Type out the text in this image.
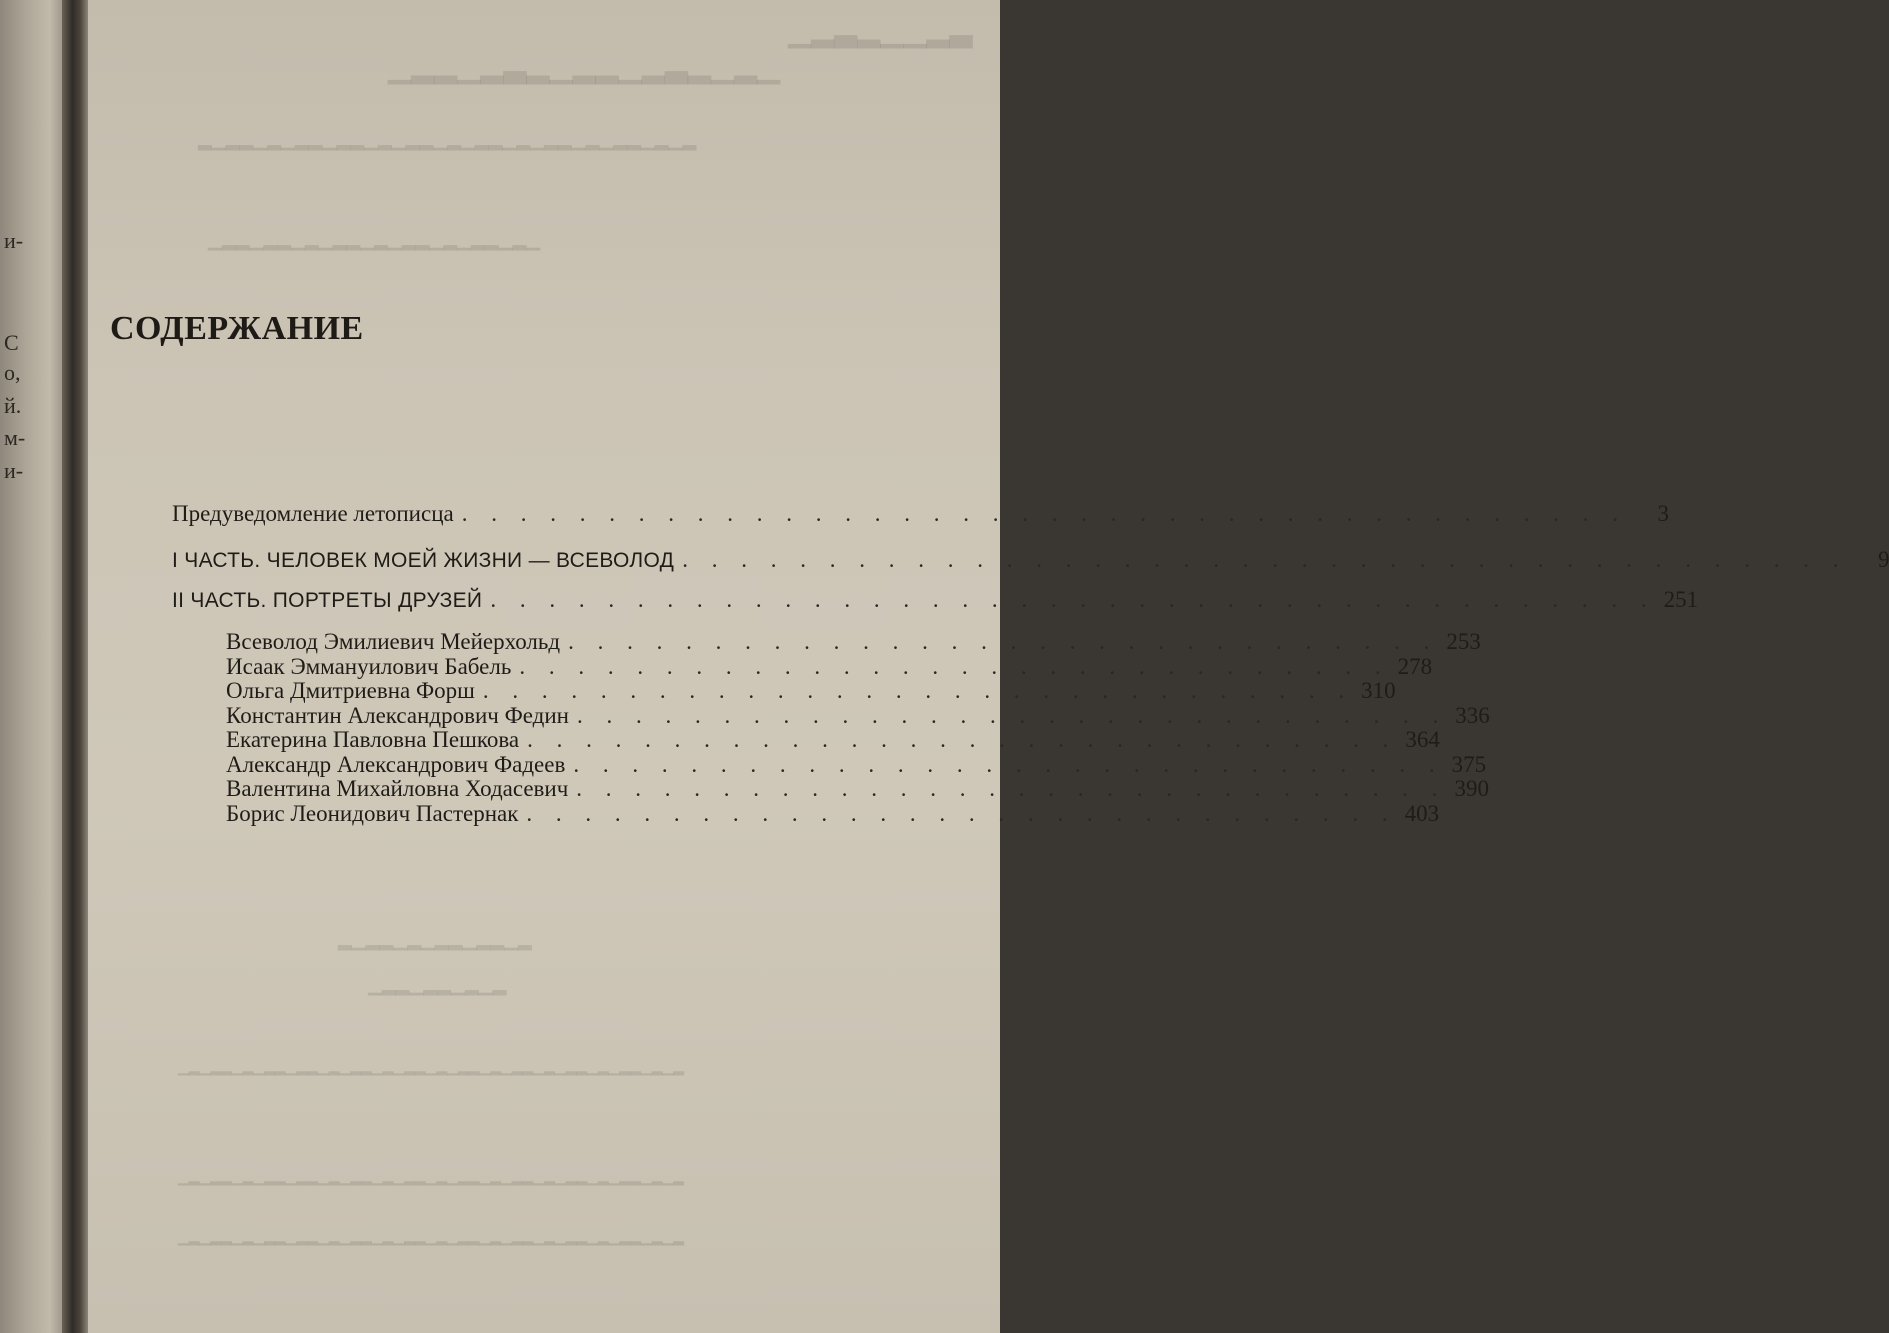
и-
С
о,
й.
м-
и-
▁▂▃▂▁▁▂▃
▁▂▂▁▂▃▂▁▂▂▁▂▃▂▁▂▁
▂▁▂▂▁▂▁▂▂▁▂▂▁▂▁▂▂▁▂▁▂▂▁▂▁▂▂▁▂▁▂▂▁▂▁▂
▁▂▂▁▂▂▁▂▁▂▂▁▂▁▂▂▁▂▁▂▂▁▂▁
▂▁▂▂▁▂▁▂▂▁▂▂▁▂
▁▂▂▁▂▂▁▂▁▂
▁▂▁▂▂▁▂▁▂▂▁▂▂▁▂▁▂▂▁▂▁▂▂▁▂▁▂▂▁▂▁▂▂▁▂▁▂▂▁▂▁▂▂▁▂▁▂
▁▂▁▂▂▁▂▁▂▂▁▂▂▁▂▁▂▂▁▂▁▂▂▁▂▁▂▂▁▂▁▂▂▁▂▁▂▂▁▂▁▂▂▁▂▁▂
▁▂▁▂▂▁▂▁▂▂▁▂▂▁▂▁▂▂▁▂▁▂▂▁▂▁▂▂▁▂▁▂▂▁▂▁▂▂▁▂▁▂▂▁▂▁▂
СОДЕРЖАНИЕ
Предуведомление летописца . . . . . . . . . . . . . . . . . . . . . . . . . . . . . . . . . . . . . . . .	3
I ЧАСТЬ. ЧЕЛОВЕК МОЕЙ ЖИЗНИ — ВСЕВОЛОД . . . . . . . . . . . . . . . . . . . . . . . . . . . . . . . . . . . . . . . .	9
II ЧАСТЬ. ПОРТРЕТЫ ДРУЗЕЙ . . . . . . . . . . . . . . . . . . . . . . . . . . . . . . . . . . . . . . . . 251
Всеволод Эмилиевич Мейерхольд . . . . . . . . . . . . . . . . . . . . . . . . . . . . . . 253
Исаак Эммануилович Бабель . . . . . . . . . . . . . . . . . . . . . . . . . . . . . . 278
Ольга Дмитриевна Форш . . . . . . . . . . . . . . . . . . . . . . . . . . . . . . 310
Константин Александрович Федин . . . . . . . . . . . . . . . . . . . . . . . . . . . . . . 336
Екатерина Павловна Пешкова . . . . . . . . . . . . . . . . . . . . . . . . . . . . . . 364
Александр Александрович Фадеев . . . . . . . . . . . . . . . . . . . . . . . . . . . . . . 375
Валентина Михайловна Ходасевич . . . . . . . . . . . . . . . . . . . . . . . . . . . . . . 390
Борис Леонидович Пастернак . . . . . . . . . . . . . . . . . . . . . . . . . . . . . . 403
